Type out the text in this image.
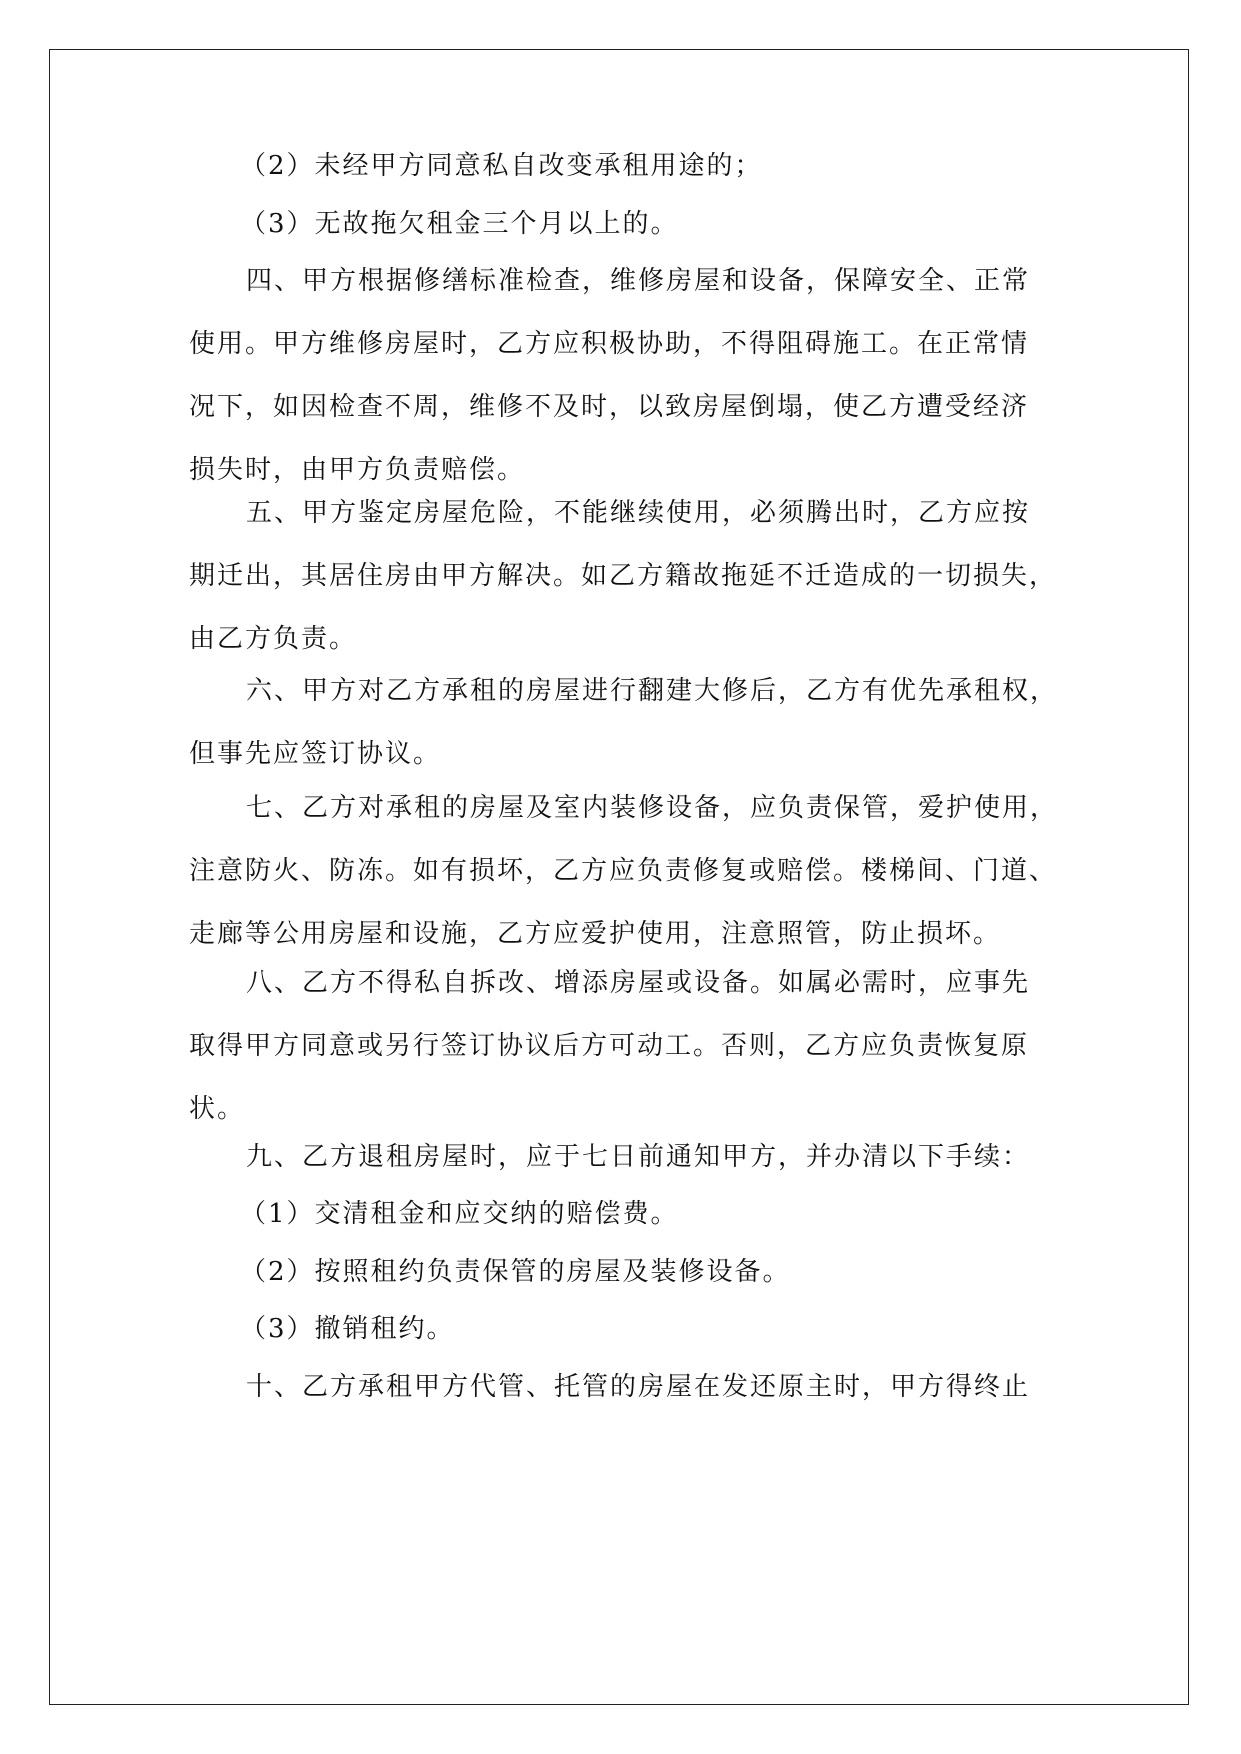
（2）未经甲方同意私自改变承租用途的；

（3）无故拖欠租金三个月以上的。

四、甲方根据修缮标准检查，维修房屋和设备，保障安全、正常
使用。甲方维修房屋时，乙方应积极协助，不得阻碍施工。在正常情
况下，如因检查不周，维修不及时，以致房屋倒塌，使乙方遭受经济
损失时，由甲方负责赔偿。

五、甲方鉴定房屋危险，不能继续使用，必须腾出时，乙方应按
期迁出，其居住房由甲方解决。如乙方籍故拖延不迁造成的一切损失，
由乙方负责。

六、甲方对乙方承租的房屋进行翻建大修后，乙方有优先承租权，
但事先应签订协议。

七、乙方对承租的房屋及室内装修设备，应负责保管，爱护使用，
注意防火、防冻。如有损坏，乙方应负责修复或赔偿。楼梯间、门道、
走廊等公用房屋和设施，乙方应爱护使用，注意照管，防止损坏。

八、乙方不得私自拆改、增添房屋或设备。如属必需时，应事先
取得甲方同意或另行签订协议后方可动工。否则，乙方应负责恢复原
状。

九、乙方退租房屋时，应于七日前通知甲方，并办清以下手续：

（1）交清租金和应交纳的赔偿费。

（2）按照租约负责保管的房屋及装修设备。

（3）撤销租约。

十、乙方承租甲方代管、托管的房屋在发还原主时，甲方得终止
